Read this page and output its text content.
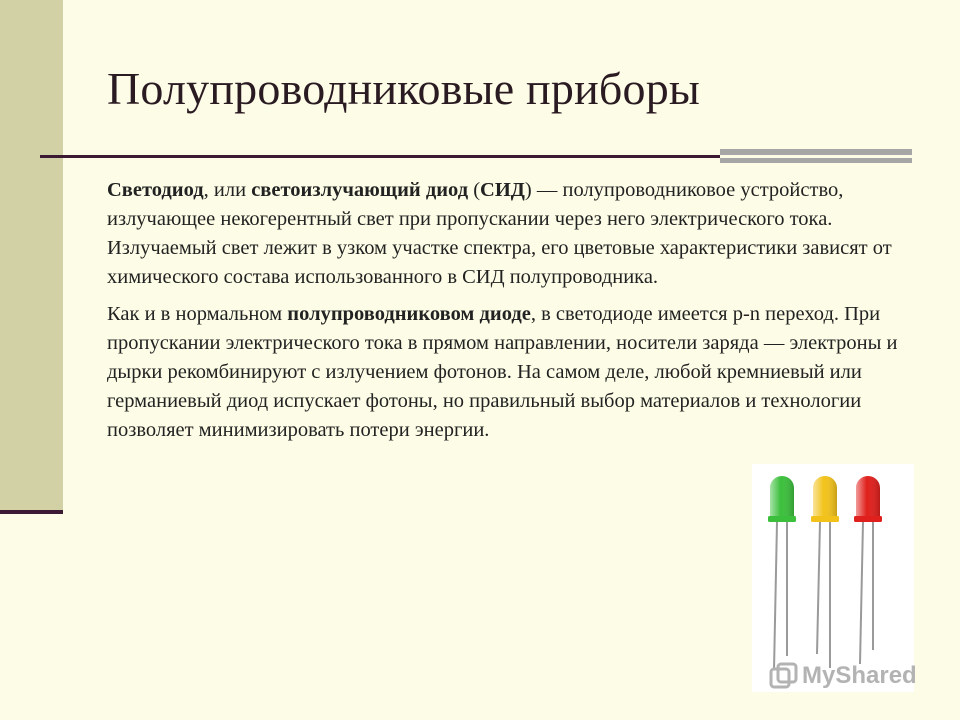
Полупроводниковые приборы

Светодиод, или светоизлучающий диод (СИД) — полупроводниковое устройство, излучающее некогерентный свет при пропускании через него электрического тока. Излучаемый свет лежит в узком участке спектра, его цветовые характеристики зависят от химического состава использованного в СИД полупроводника.

Как и в нормальном полупроводниковом диоде, в светодиоде имеется p-n переход. При пропускании электрического тока в прямом направлении, носители заряда — электроны и дырки рекомбинируют с излучением фотонов. На самом деле, любой кремниевый или германиевый диод испускает фотоны, но правильный выбор материалов и технологии позволяет минимизировать потери энергии.

MyShared
